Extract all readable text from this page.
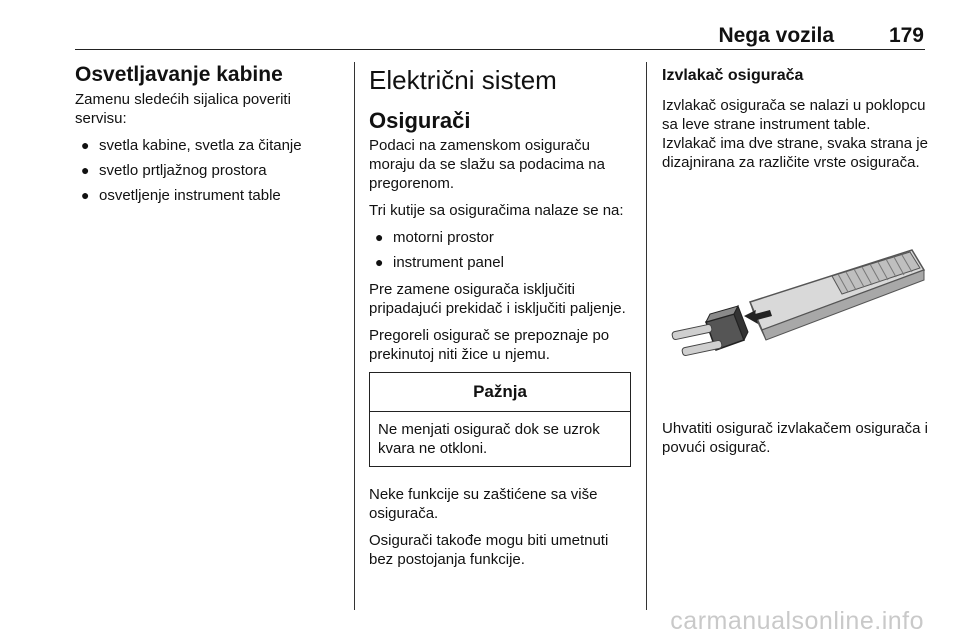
Nega vozila	179
Osvetljavanje kabine

Zamenu sledećih sijalica poveriti servisu:

● svetla kabine, svetla za čitanje
● svetlo prtljažnog prostora
● osvetljenje instrument table
Električni sistem
Osigurači

Podaci na zamenskom osiguraču moraju da se slažu sa podacima na pregorenom.

Tri kutije sa osiguračima nalaze se na:

● motorni prostor
● instrument panel

Pre zamene osigurača isključiti pripadajući prekidač i isključiti paljenje.

Pregoreli osigurač se prepoznaje po prekinutoj niti žice u njemu.

Pažnja
Ne menjati osigurač dok se uzrok kvara ne otkloni.

Neke funkcije su zaštićene sa više osigurača.

Osigurači takođe mogu biti umetnuti bez postojanja funkcije.

Izvlakač osigurača

Izvlakač osigurača se nalazi u poklopcu sa leve strane instrument table. Izvlakač ima dve strane, svaka strana je dizajnirana za različite vrste osigurača.

Uhvatiti osigurač izvlakačem osigurača i povući osigurač.

carmanualsonline.info
